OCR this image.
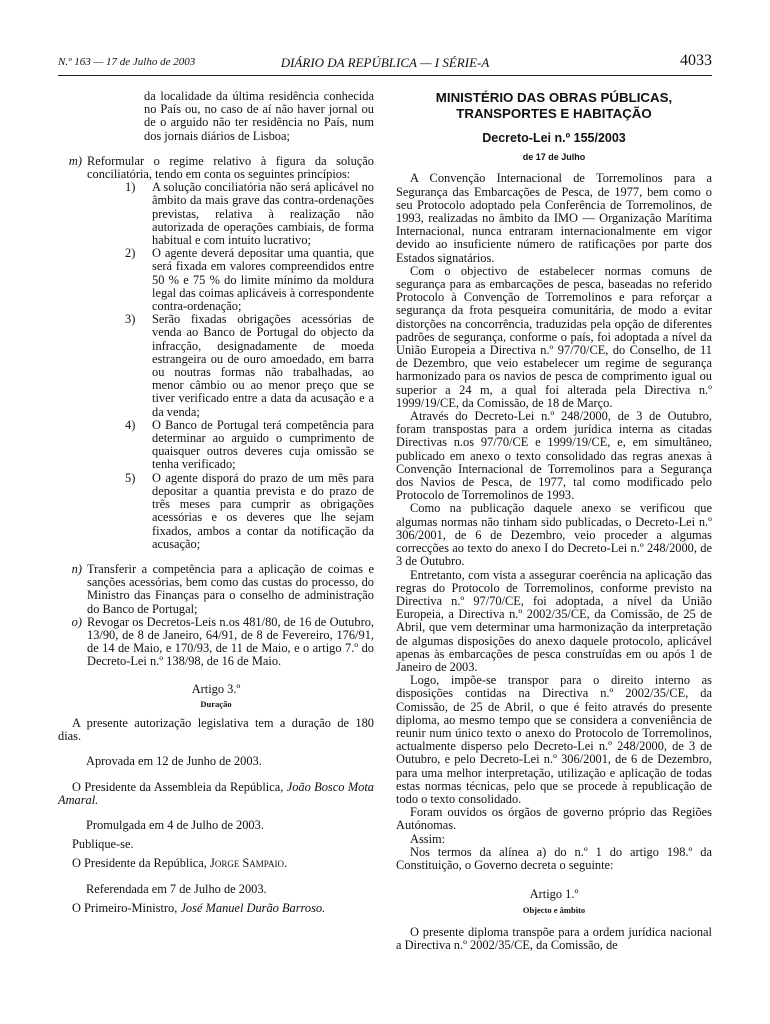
N.º 163 — 17 de Julho de 2003	DIÁRIO DA REPÚBLICA — I SÉRIE-A	4033

da localidade da última residência conhecida no País ou, no caso de aí não haver jornal ou de o arguido não ter residência no País, num dos jornais diários de Lisboa;

m) Reformular o regime relativo à figura da solução conciliatória, tendo em conta os seguintes princípios:

1)	A solução conciliatória não será aplicável no âmbito da mais grave das contra-ordenações previstas, relativa à realização não autorizada de operações cambiais, de forma habitual e com intuito lucrativo;

2)	O agente deverá depositar uma quantia, que será fixada em valores compreendidos entre 50 % e 75 % do limite mínimo da moldura legal das coimas aplicáveis à correspondente contra-ordenação;

3)	Serão fixadas obrigações acessórias de venda ao Banco de Portugal do objecto da infracção, designadamente de moeda estrangeira ou de ouro amoedado, em barra ou noutras formas não trabalhadas, ao menor câmbio ou ao menor preço que se tiver verificado entre a data da acusação e a da venda;

4)	O Banco de Portugal terá competência para determinar ao arguido o cumprimento de quaisquer outros deveres cuja omissão se tenha verificado;

5)	O agente disporá do prazo de um mês para depositar a quantia prevista e do prazo de três meses para cumprir as obrigações acessórias e os deveres que lhe sejam fixados, ambos a contar da notificação da acusação;

n) Transferir a competência para a aplicação de coimas e sanções acessórias, bem como das custas do processo, do Ministro das Finanças para o conselho de administração do Banco de Portugal;

o) Revogar os Decretos-Leis n.os 481/80, de 16 de Outubro, 13/90, de 8 de Janeiro, 64/91, de 8 de Fevereiro, 176/91, de 14 de Maio, e 170/93, de 11 de Maio, e o artigo 7.º do Decreto-Lei n.º 138/98, de 16 de Maio.

Artigo 3.º

Duração

A presente autorização legislativa tem a duração de 180 dias.

Aprovada em 12 de Junho de 2003.

O Presidente da Assembleia da República, João Bosco Mota Amaral.

Promulgada em 4 de Julho de 2003.

Publique-se.

O Presidente da República, Jorge Sampaio.

Referendada em 7 de Julho de 2003.

O Primeiro-Ministro, José Manuel Durão Barroso.

MINISTÉRIO DAS OBRAS PÚBLICAS,
TRANSPORTES E HABITAÇÃO

Decreto-Lei n.º 155/2003

de 17 de Julho

A Convenção Internacional de Torremolinos para a Segurança das Embarcações de Pesca, de 1977, bem como o seu Protocolo adoptado pela Conferência de Torremolinos, de 1993, realizadas no âmbito da IMO — Organização Marítima Internacional, nunca entraram internacionalmente em vigor devido ao insuficiente número de ratificações por parte dos Estados signatários.

Com o objectivo de estabelecer normas comuns de segurança para as embarcações de pesca, baseadas no referido Protocolo à Convenção de Torremolinos e para reforçar a segurança da frota pesqueira comunitária, de modo a evitar distorções na concorrência, traduzidas pela opção de diferentes padrões de segurança, conforme o país, foi adoptada a nível da União Europeia a Directiva n.º 97/70/CE, do Conselho, de 11 de Dezembro, que veio estabelecer um regime de segurança harmonizado para os navios de pesca de comprimento igual ou superior a 24 m, a qual foi alterada pela Directiva n.º 1999/19/CE, da Comissão, de 18 de Março.

Através do Decreto-Lei n.º 248/2000, de 3 de Outubro, foram transpostas para a ordem jurídica interna as citadas Directivas n.os 97/70/CE e 1999/19/CE, e, em simultâneo, publicado em anexo o texto consolidado das regras anexas à Convenção Internacional de Torremolinos para a Segurança dos Navios de Pesca, de 1977, tal como modificado pelo Protocolo de Torremolinos de 1993.

Como na publicação daquele anexo se verificou que algumas normas não tinham sido publicadas, o Decreto-Lei n.º 306/2001, de 6 de Dezembro, veio proceder a algumas correcções ao texto do anexo I do Decreto-Lei n.º 248/2000, de 3 de Outubro.

Entretanto, com vista a assegurar coerência na aplicação das regras do Protocolo de Torremolinos, conforme previsto na Directiva n.º 97/70/CE, foi adoptada, a nível da União Europeia, a Directiva n.º 2002/35/CE, da Comissão, de 25 de Abril, que vem determinar uma harmonização da interpretação de algumas disposições do anexo daquele protocolo, aplicável apenas às embarcações de pesca construídas em ou após 1 de Janeiro de 2003.

Logo, impõe-se transpor para o direito interno as disposições contidas na Directiva n.º 2002/35/CE, da Comissão, de 25 de Abril, o que é feito através do presente diploma, ao mesmo tempo que se considera a conveniência de reunir num único texto o anexo do Protocolo de Torremolinos, actualmente disperso pelo Decreto-Lei n.º 248/2000, de 3 de Outubro, e pelo Decreto-Lei n.º 306/2001, de 6 de Dezembro, para uma melhor interpretação, utilização e aplicação de todas estas normas técnicas, pelo que se procede à republicação de todo o texto consolidado.

Foram ouvidos os órgãos de governo próprio das Regiões Autónomas.

Assim:

Nos termos da alínea a) do n.º 1 do artigo 198.º da Constituição, o Governo decreta o seguinte:

Artigo 1.º

Objecto e âmbito

O presente diploma transpõe para a ordem jurídica nacional a Directiva n.º 2002/35/CE, da Comissão, de
